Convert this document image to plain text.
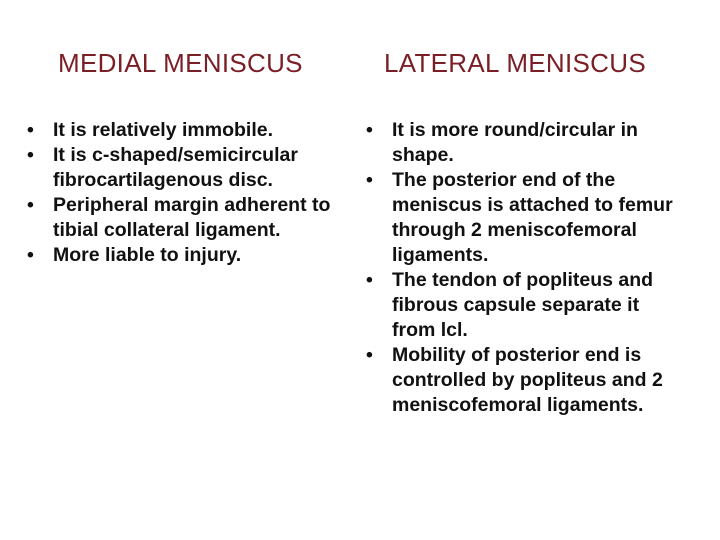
MEDIAL MENISCUS	LATERAL MENISCUS
• It is relatively immobile.
• It is c-shaped/semicircular fibrocartilagenous disc.
• Peripheral margin adherent to tibial collateral ligament.
• More liable to injury.
• It is more round/circular in shape.
• The posterior end of the meniscus is attached to femur through 2 meniscofemoral ligaments.
• The tendon of popliteus and fibrous capsule separate it from lcl.
• Mobility of posterior end is controlled by popliteus and 2 meniscofemoral ligaments.
